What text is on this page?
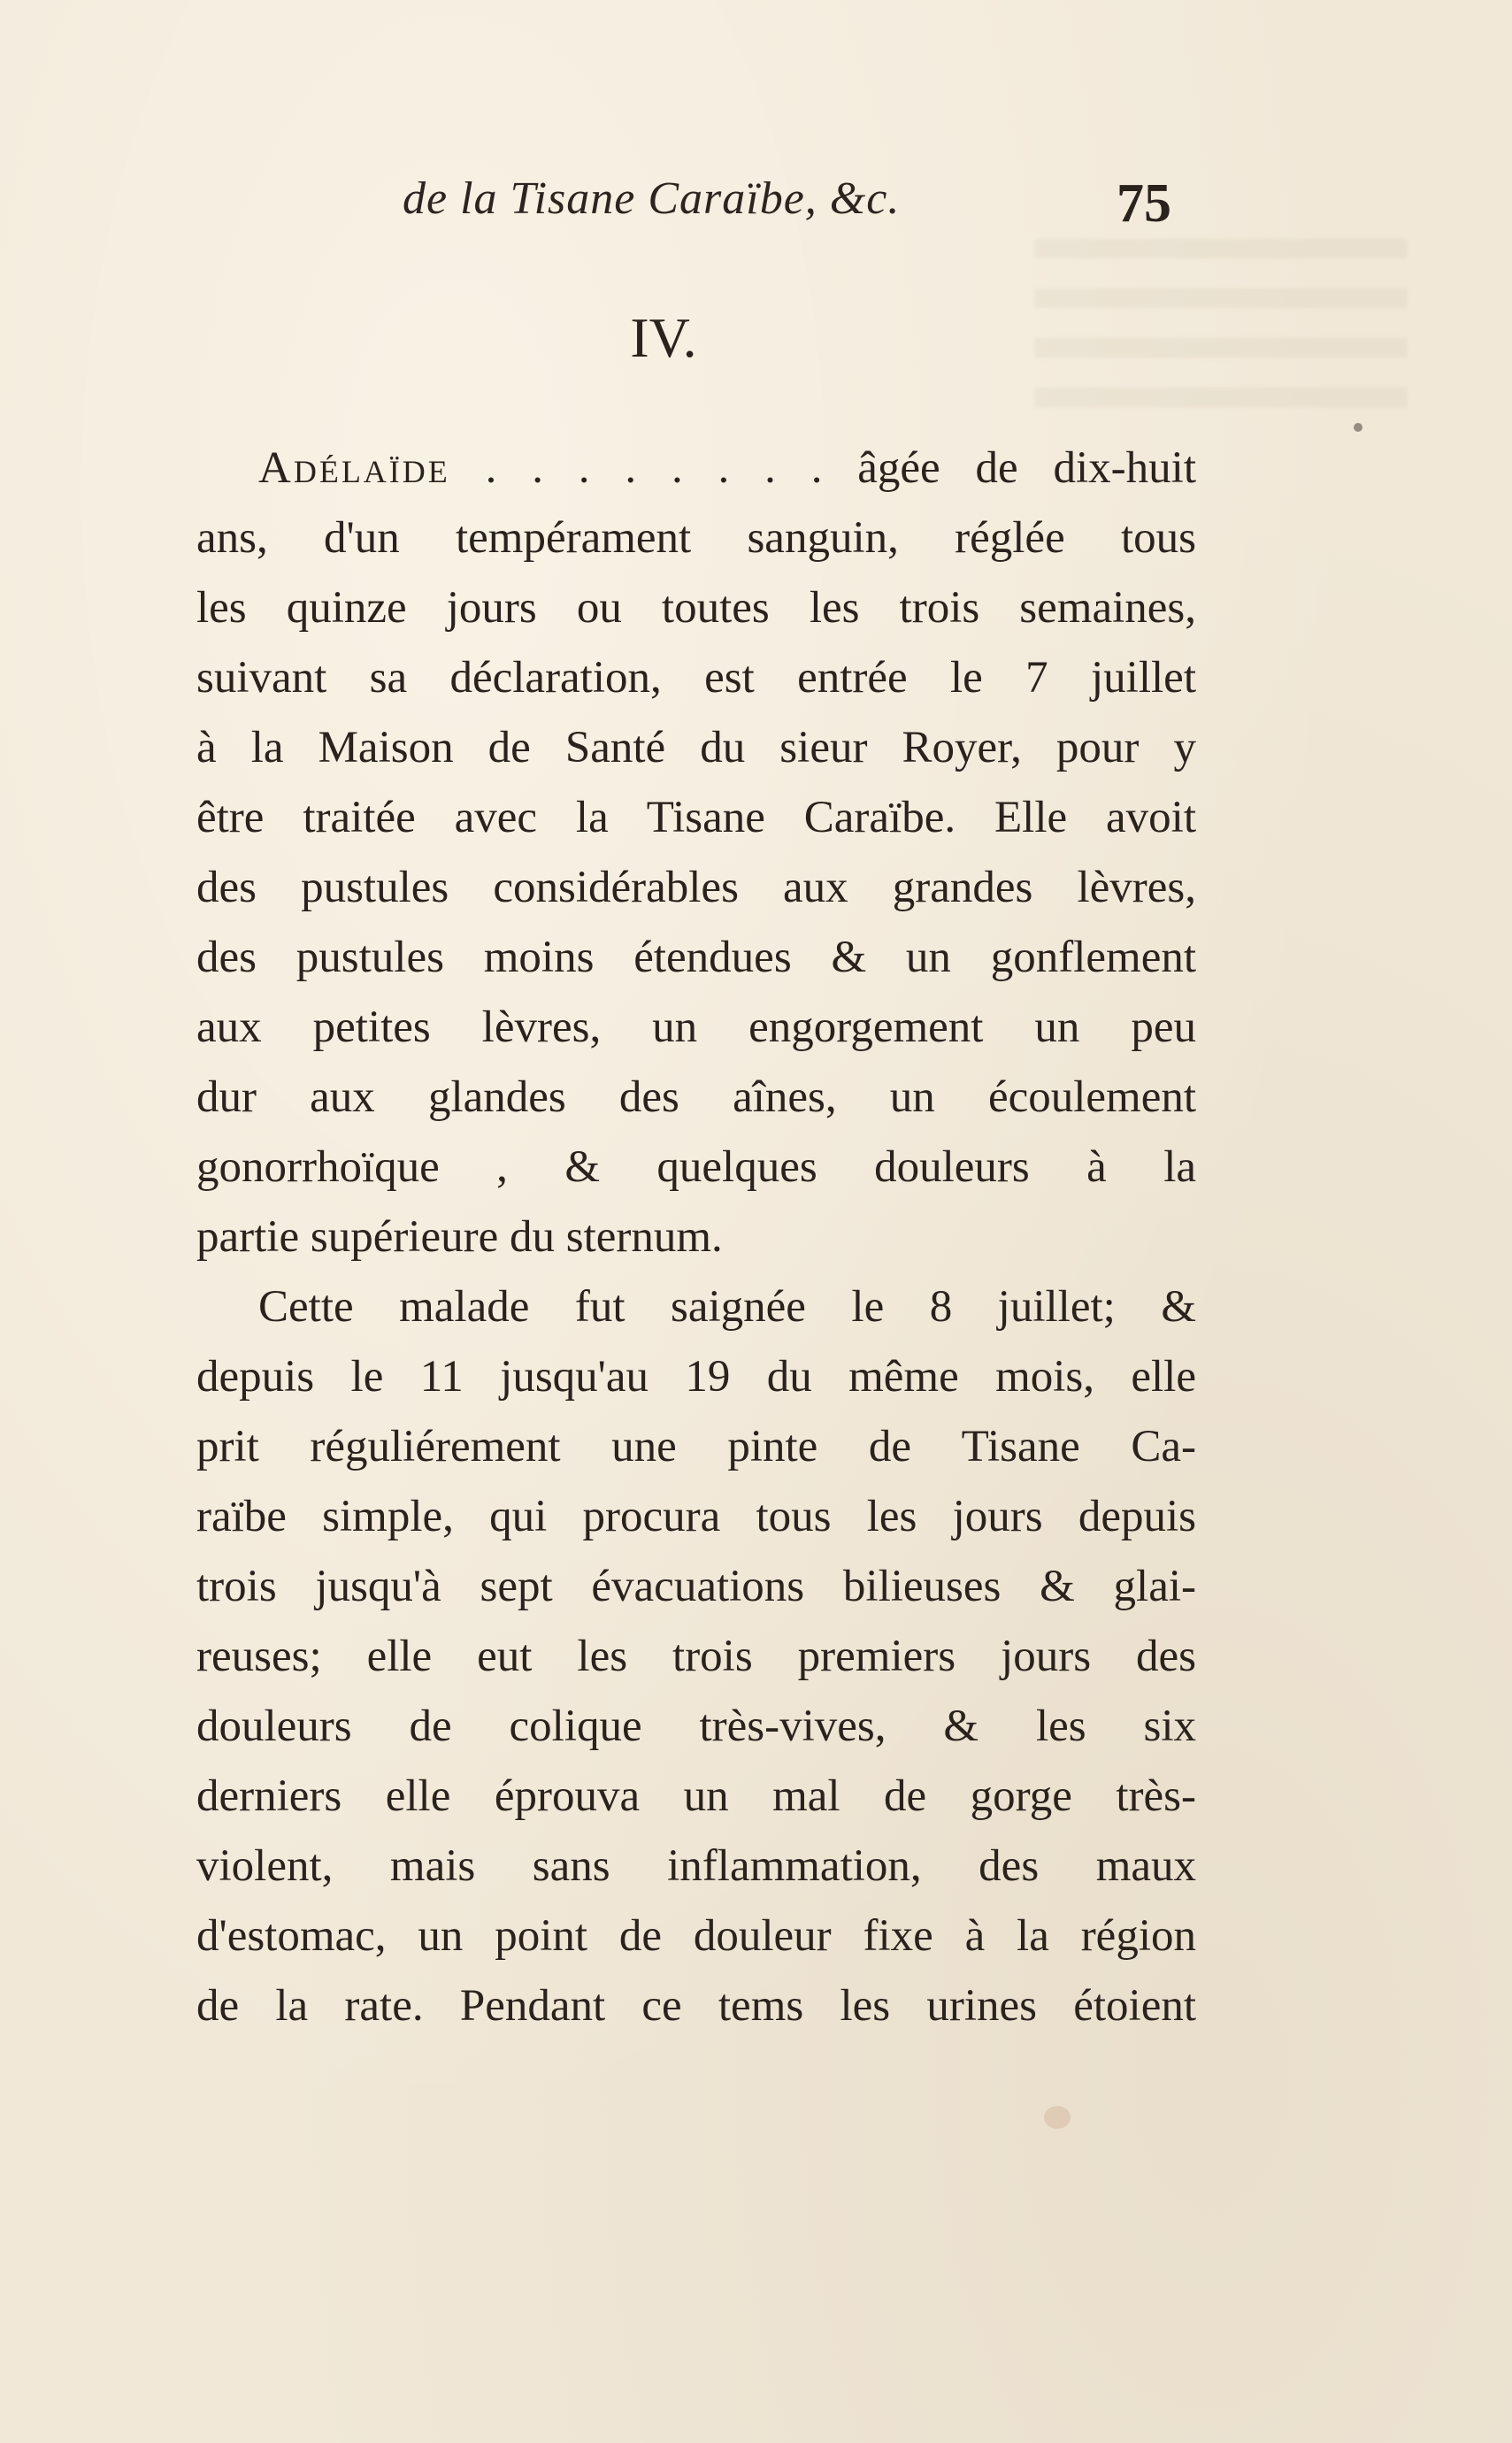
de la Tisane Caraïbe, &c.	75
IV.
Adélaïde . . . . . . . . âgée de dix-huit
ans, d'un tempérament sanguin, réglée tous
les quinze jours ou toutes les trois semaines,
suivant sa déclaration, est entrée le 7 juillet
à la Maison de Santé du sieur Royer, pour y
être traitée avec la Tisane Caraïbe. Elle avoit
des pustules considérables aux grandes lèvres,
des pustules moins étendues & un gonflement
aux petites lèvres, un engorgement un peu
dur aux glandes des aînes, un écoulement
gonorrhoïque , & quelques douleurs à la
partie supérieure du sternum.
Cette malade fut saignée le 8 juillet; &
depuis le 11 jusqu'au 19 du même mois, elle
prit réguliérement une pinte de Tisane Ca-
raïbe simple, qui procura tous les jours depuis
trois jusqu'à sept évacuations bilieuses & glai-
reuses; elle eut les trois premiers jours des
douleurs de colique très-vives, & les six
derniers elle éprouva un mal de gorge très-
violent, mais sans inflammation, des maux
d'estomac, un point de douleur fixe à la région
de la rate. Pendant ce tems les urines étoient
